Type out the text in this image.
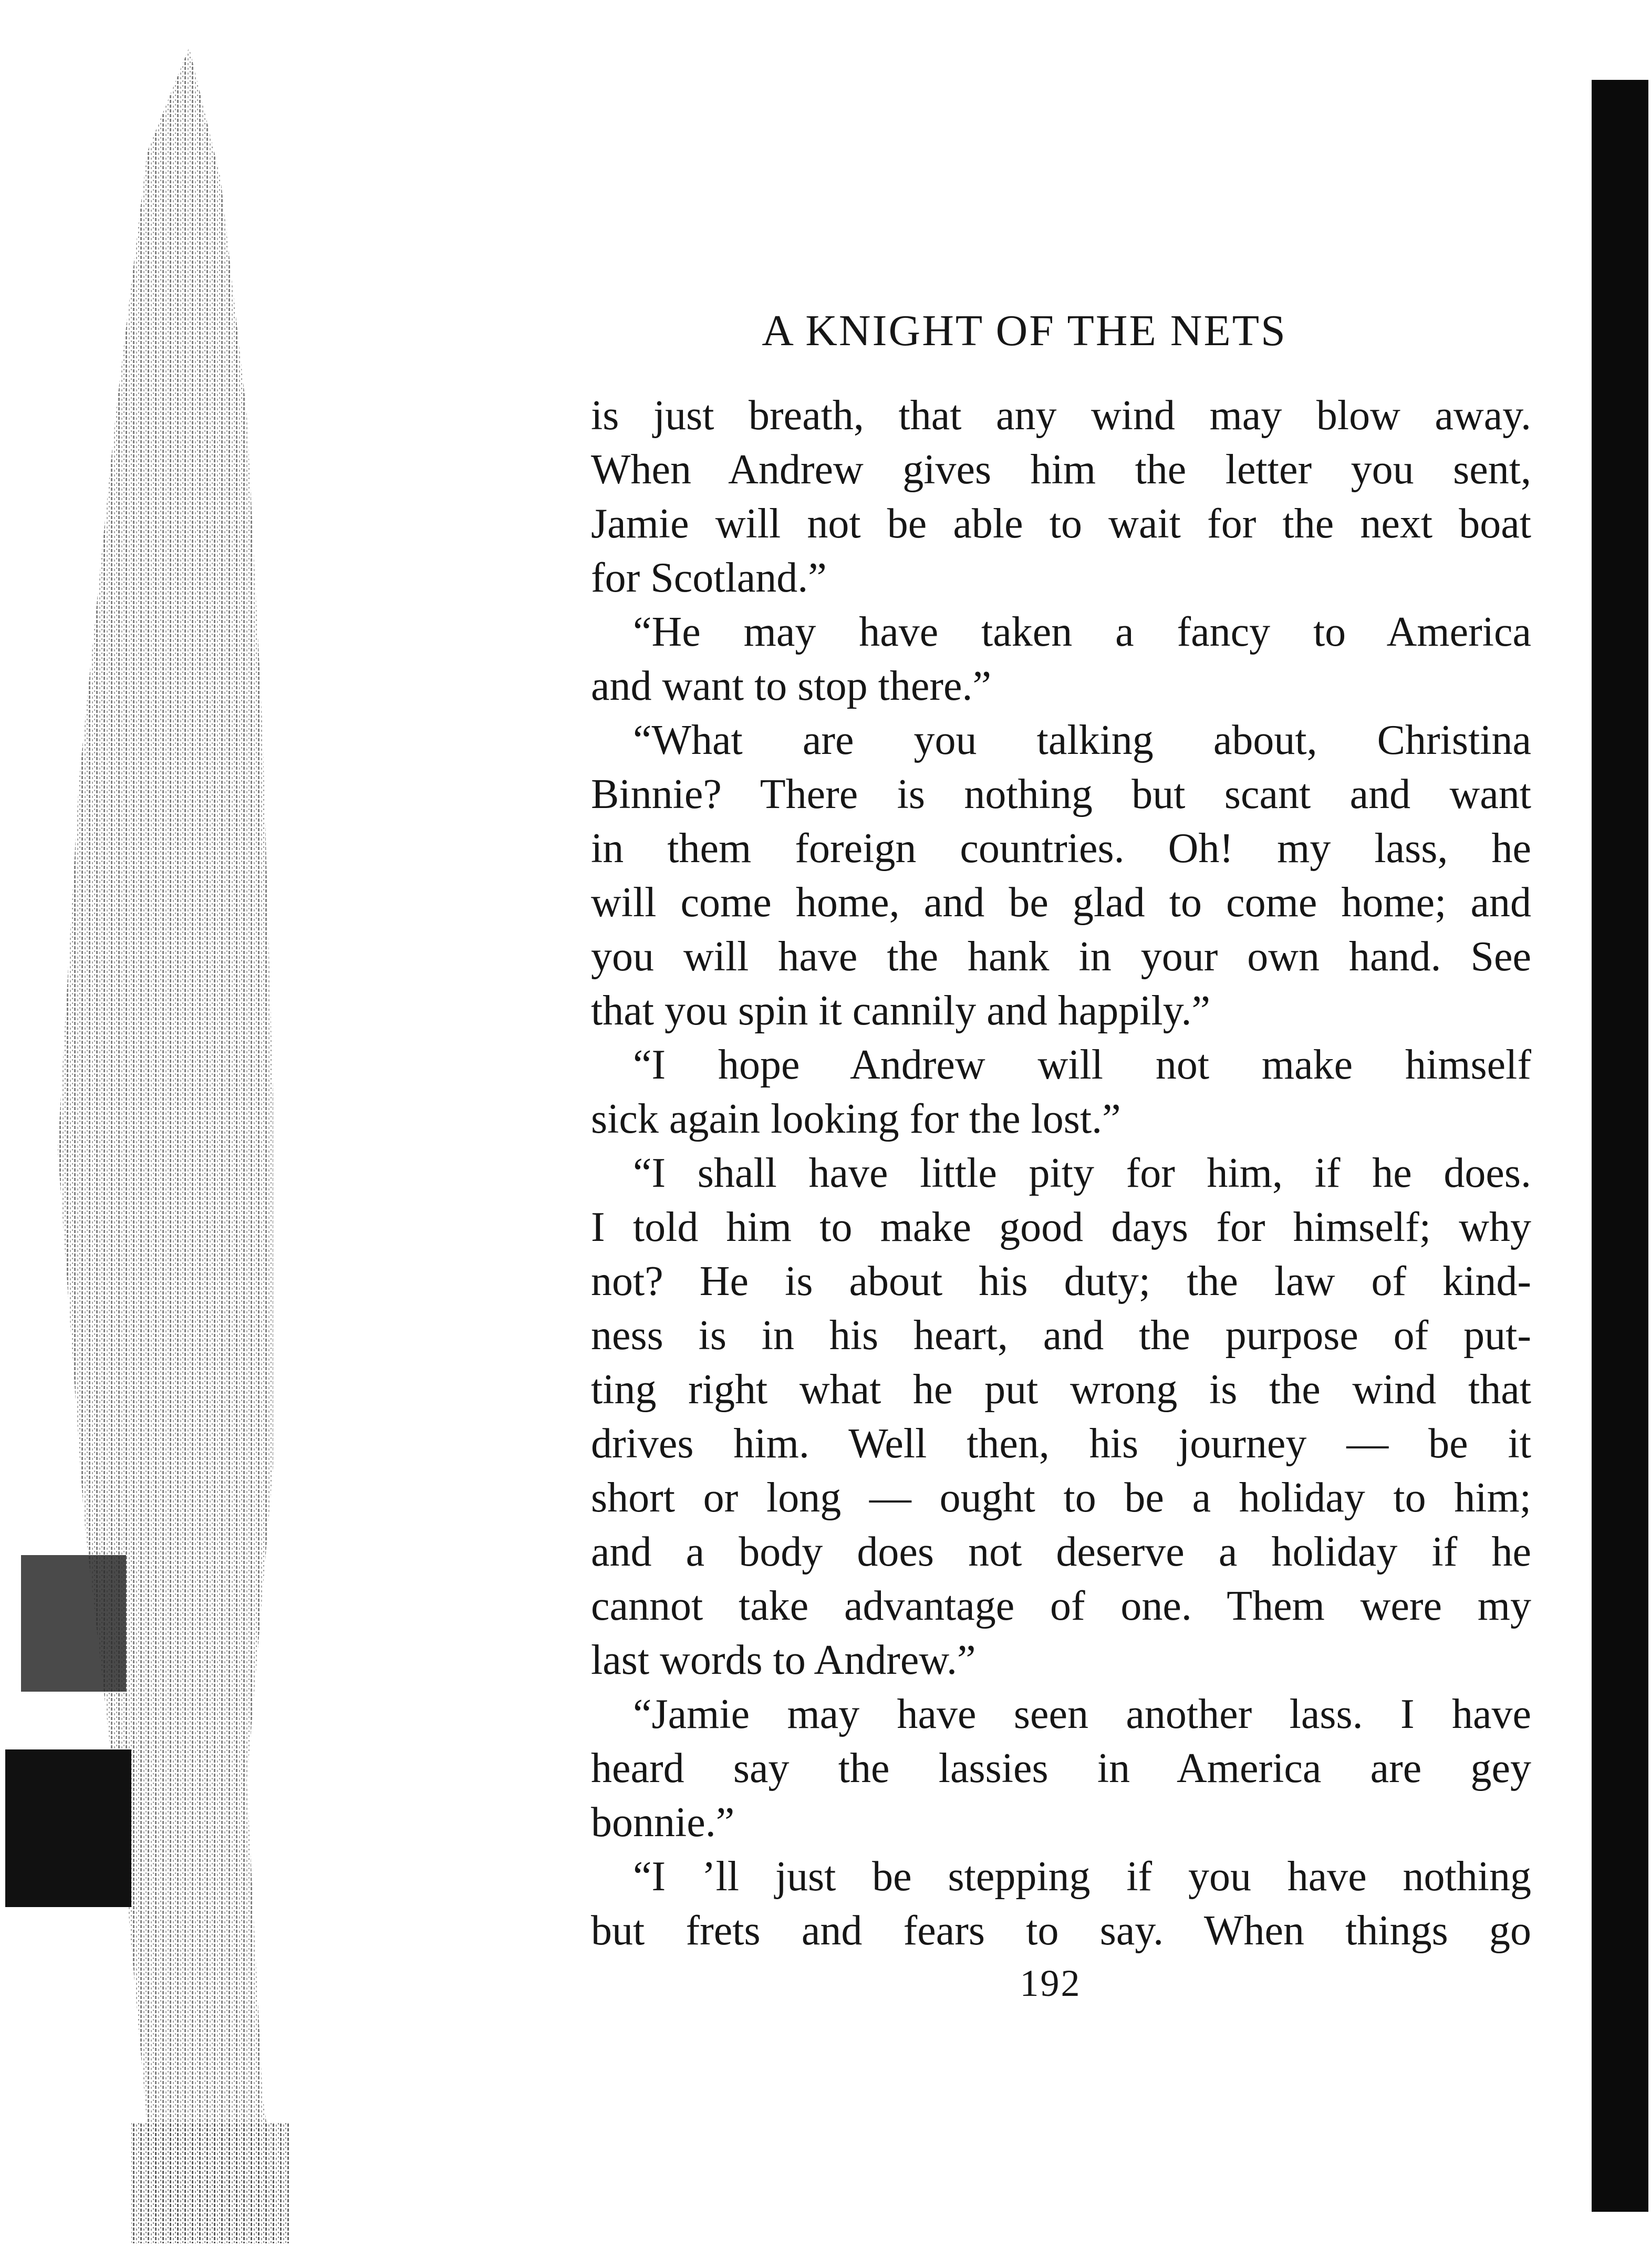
A KNIGHT OF THE NETS
is just breath, that any wind may blow away.
When Andrew gives him the letter you sent,
Jamie will not be able to wait for the next boat
for Scotland.”
“He may have taken a fancy to America
and want to stop there.”
“What are you talking about, Christina
Binnie? There is nothing but scant and want
in them foreign countries. Oh! my lass, he
will come home, and be glad to come home; and
you will have the hank in your own hand. See
that you spin it cannily and happily.”
“I hope Andrew will not make himself
sick again looking for the lost.”
“I shall have little pity for him, if he does.
I told him to make good days for himself; why
not? He is about his duty; the law of kind-
ness is in his heart, and the purpose of put-
ting right what he put wrong is the wind that
drives him. Well then, his journey — be it
short or long — ought to be a holiday to him;
and a body does not deserve a holiday if he
cannot take advantage of one. Them were my
last words to Andrew.”
“Jamie may have seen another lass. I have
heard say the lassies in America are gey
bonnie.”
“I ’ll just be stepping if you have nothing
but frets and fears to say. When things go
192
